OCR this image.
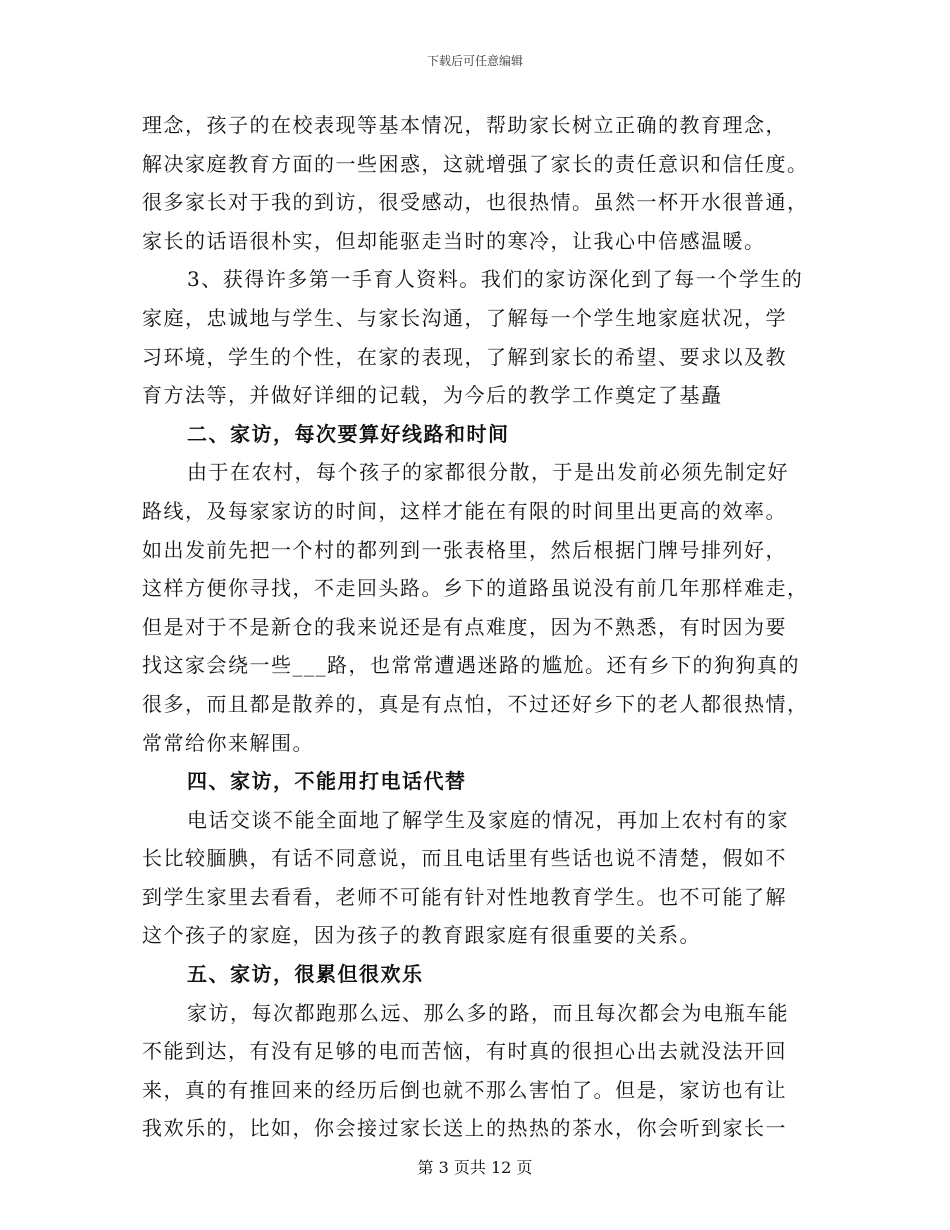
下载后可任意编辑
理念，孩子的在校表现等基本情况，帮助家长树立正确的教育理念，
解决家庭教育方面的一些困惑，这就增强了家长的责任意识和信任度。
很多家长对于我的到访，很受感动，也很热情。虽然一杯开水很普通，
家长的话语很朴实，但却能驱走当时的寒冷，让我心中倍感温暖。
3、获得许多第一手育人资料。我们的家访深化到了每一个学生的
家庭，忠诚地与学生、与家长沟通，了解每一个学生地家庭状况，学
习环境，学生的个性，在家的表现，了解到家长的希望、要求以及教
育方法等，并做好详细的记载，为今后的教学工作奠定了基矗
二、家访，每次要算好线路和时间
由于在农村，每个孩子的家都很分散，于是出发前必须先制定好
路线，及每家家访的时间，这样才能在有限的时间里出更高的效率。
如出发前先把一个村的都列到一张表格里，然后根据门牌号排列好，
这样方便你寻找，不走回头路。乡下的道路虽说没有前几年那样难走，
但是对于不是新仓的我来说还是有点难度，因为不熟悉，有时因为要
找这家会绕一些___路，也常常遭遇迷路的尴尬。还有乡下的狗狗真的
很多，而且都是散养的，真是有点怕，不过还好乡下的老人都很热情，
常常给你来解围。
四、家访，不能用打电话代替
电话交谈不能全面地了解学生及家庭的情况，再加上农村有的家
长比较腼腆，有话不同意说，而且电话里有些话也说不清楚，假如不
到学生家里去看看，老师不可能有针对性地教育学生。也不可能了解
这个孩子的家庭，因为孩子的教育跟家庭有很重要的关系。
五、家访，很累但很欢乐
家访，每次都跑那么远、那么多的路，而且每次都会为电瓶车能
不能到达，有没有足够的电而苦恼，有时真的很担心出去就没法开回
来，真的有推回来的经历后倒也就不那么害怕了。但是，家访也有让
我欢乐的，比如，你会接过家长送上的热热的茶水，你会听到家长一
第 3 页共 12 页
